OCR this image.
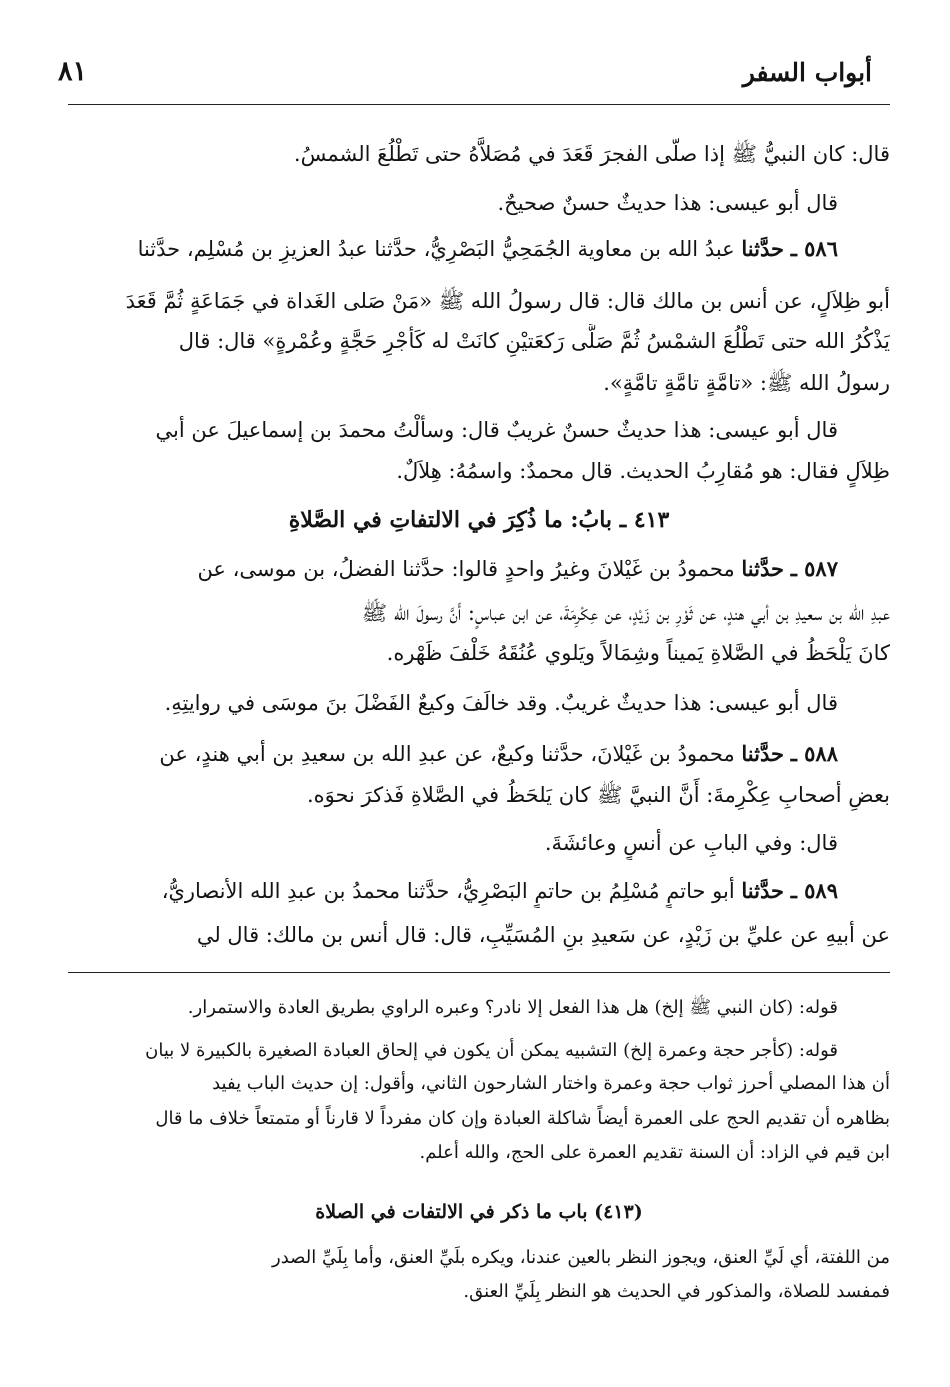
أبواب السفر
٨١
قال: كان النبيُّ ﷺ إذا صلّى الفجرَ قَعَدَ في مُصَلاَّهُ حتى تَطْلُعَ الشمسُ.
قال أبو عيسى: هذا حديثٌ حسنٌ صحيحٌ.
٥٨٦ ـ حدَّثنا عبدُ الله بن معاوية الجُمَحِيُّ البَصْرِيُّ، حدَّثنا عبدُ العزيزِ بن مُسْلِم، حدَّثنا
أبو ظِلاَلٍ، عن أنس بن مالك قال: قال رسولُ الله ﷺ «مَنْ صَلى الغَداة في جَمَاعَةٍ ثُمَّ قَعَدَ
يَذْكُرُ الله حتى تَطْلُعَ الشمْسُ ثُمَّ صَلَّى رَكعَتيْنِ كانَتْ له كَأجْرِ حَجَّةٍ وعُمْرةٍ» قال: قال
رسولُ الله ﷺ: «تامَّةٍ تامَّةٍ تامَّةٍ».
قال أبو عيسى: هذا حديثٌ حسنٌ غريبٌ قال: وسألْتُ محمدَ بن إسماعيلَ عن أبي
ظِلاَلٍ فقال: هو مُقارِبُ الحديث. قال محمدٌ: واسمُهُ: هِلاَلٌ.
٤١٣ ـ بابُ: ما ذُكِرَ في الالتفاتِ في الصَّلاةِ
٥٨٧ ـ حدَّثنا محمودُ بن غَيْلانَ وغيرُ واحدٍ قالوا: حدَّثنا الفضلُ، بن موسى، عن
عبدِ الله بن سعيدِ بن أبي هندٍ، عن ثَوْرِ بن زَيْدٍ، عن عِكْرِمَةَ، عن ابن عباسٍ: أَنَّ رسولَ الله ﷺ
كانَ يَلْحَظُ في الصَّلاةِ يَميناً وشِمَالاً ويَلوي عُنُقَهُ خَلْفَ ظَهْره.
قال أبو عيسى: هذا حديثٌ غريبٌ. وقد خالَفَ وكيعٌ الفَضْلَ بنَ موسَى في روايتِهِ.
٥٨٨ ـ حدَّثنا محمودُ بن غَيْلانَ، حدَّثنا وكيعٌ، عن عبدِ الله بن سعيدِ بن أبي هندٍ، عن
بعضِ أصحابِ عِكْرِمةَ: أَنَّ النبيَّ ﷺ كان يَلحَظُ في الصَّلاةِ فَذكرَ نحوَه.
قال: وفي البابِ عن أنسٍ وعائشَةَ.
٥٨٩ ـ حدَّثنا أبو حاتمٍ مُسْلِمُ بن حاتمٍ البَصْرِيُّ، حدَّثنا محمدُ بن عبدِ الله الأنصاريُّ،
عن أبيهِ عن عليِّ بن زَيْدٍ، عن سَعيدِ بنِ المُسَيِّبِ، قال: قال أنس بن مالك: قال لي
قوله: (كان النبي ﷺ إلخ) هل هذا الفعل إلا نادر؟ وعبره الراوي بطريق العادة والاستمرار.
قوله: (كأجر حجة وعمرة إلخ) التشبيه يمكن أن يكون في إلحاق العبادة الصغيرة بالكبيرة لا بيان
أن هذا المصلي أحرز ثواب حجة وعمرة واختار الشارحون الثاني، وأقول: إن حديث الباب يفيد
بظاهره أن تقديم الحج على العمرة أيضاً شاكلة العبادة وإن كان مفرداً لا قارناً أو متمتعاً خلاف ما قال
ابن قيم في الزاد: أن السنة تقديم العمرة على الحج، والله أعلم.
(٤١٣) باب ما ذكر في الالتفات في الصلاة
من اللفتة، أي لَيِّ العنق، ويجوز النظر بالعين عندنا، ويكره بلَيِّ العنق، وأما بِلَيِّ الصدر
فمفسد للصلاة، والمذكور في الحديث هو النظر بِلَيِّ العنق.
